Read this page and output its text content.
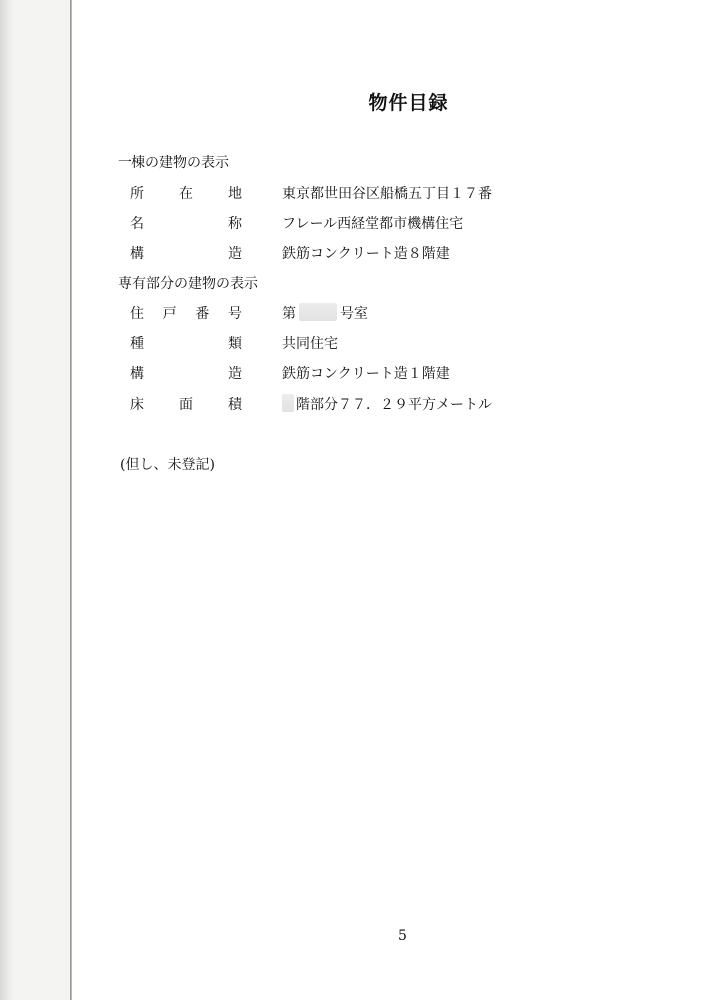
物件目録
一棟の建物の表示
所	在	地	東京都世田谷区船橋五丁目１７番
名	称	フレール西経堂都市機構住宅
構	造	鉄筋コンクリート造８階建
専有部分の建物の表示
住 戸 番 号	第	号室
種	類	共同住宅
構	造	鉄筋コンクリート造１階建
床	面	積	階部分７７．２９平方メートル
(但し、未登記)
5
